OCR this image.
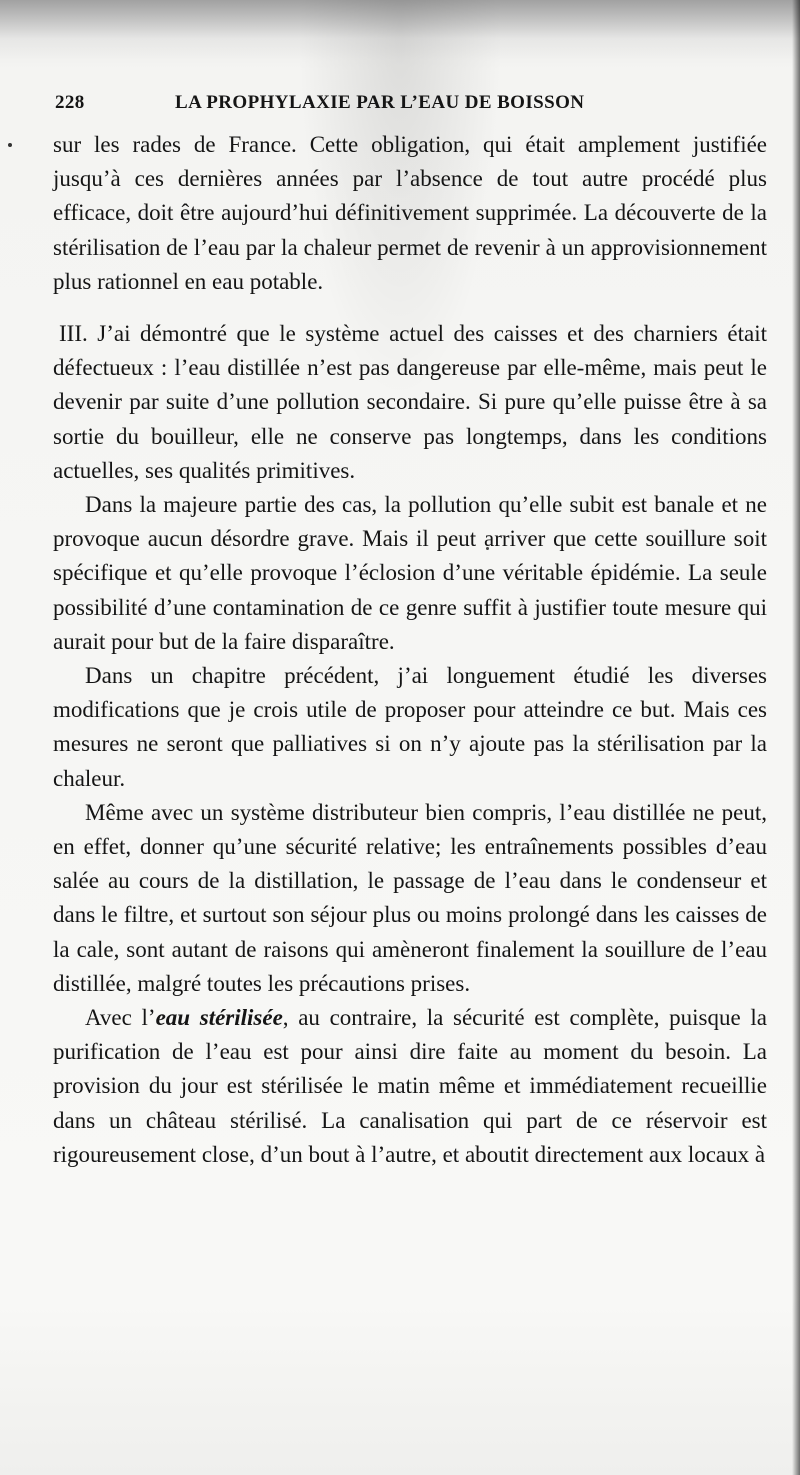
228	LA PROPHYLAXIE PAR L’EAU DE BOISSON

sur les rades de France. Cette obligation, qui était amplement justifiée jusqu’à ces dernières années par l’absence de tout autre procédé plus efficace, doit être aujourd’hui définitivement supprimée. La découverte de la stérilisation de l’eau par la chaleur permet de revenir à un approvisionnement plus rationnel en eau potable.

III. J’ai démontré que le système actuel des caisses et des charniers était défectueux : l’eau distillée n’est pas dangereuse par elle-même, mais peut le devenir par suite d’une pollution secondaire. Si pure qu’elle puisse être à sa sortie du bouilleur, elle ne conserve pas longtemps, dans les conditions actuelles, ses qualités primitives.

Dans la majeure partie des cas, la pollution qu’elle subit est banale et ne provoque aucun désordre grave. Mais il peut arriver que cette souillure soit spécifique et qu’elle provoque l’éclosion d’une véritable épidémie. La seule possibilité d’une contamination de ce genre suffit à justifier toute mesure qui aurait pour but de la faire disparaître.

Dans un chapitre précédent, j’ai longuement étudié les diverses modifications que je crois utile de proposer pour atteindre ce but. Mais ces mesures ne seront que palliatives si on n’y ajoute pas la stérilisation par la chaleur.

Même avec un système distributeur bien compris, l’eau distillée ne peut, en effet, donner qu’une sécurité relative; les entraînements possibles d’eau salée au cours de la distillation, le passage de l’eau dans le condenseur et dans le filtre, et surtout son séjour plus ou moins prolongé dans les caisses de la cale, sont autant de raisons qui amèneront finalement la souillure de l’eau distillée, malgré toutes les précautions prises.

Avec l’eau stérilisée, au contraire, la sécurité est complète, puisque la purification de l’eau est pour ainsi dire faite au moment du besoin. La provision du jour est stérilisée le matin même et immédiatement recueillie dans un château stérilisé. La canalisation qui part de ce réservoir est rigoureusement close, d’un bout à l’autre, et aboutit directement aux locaux à
